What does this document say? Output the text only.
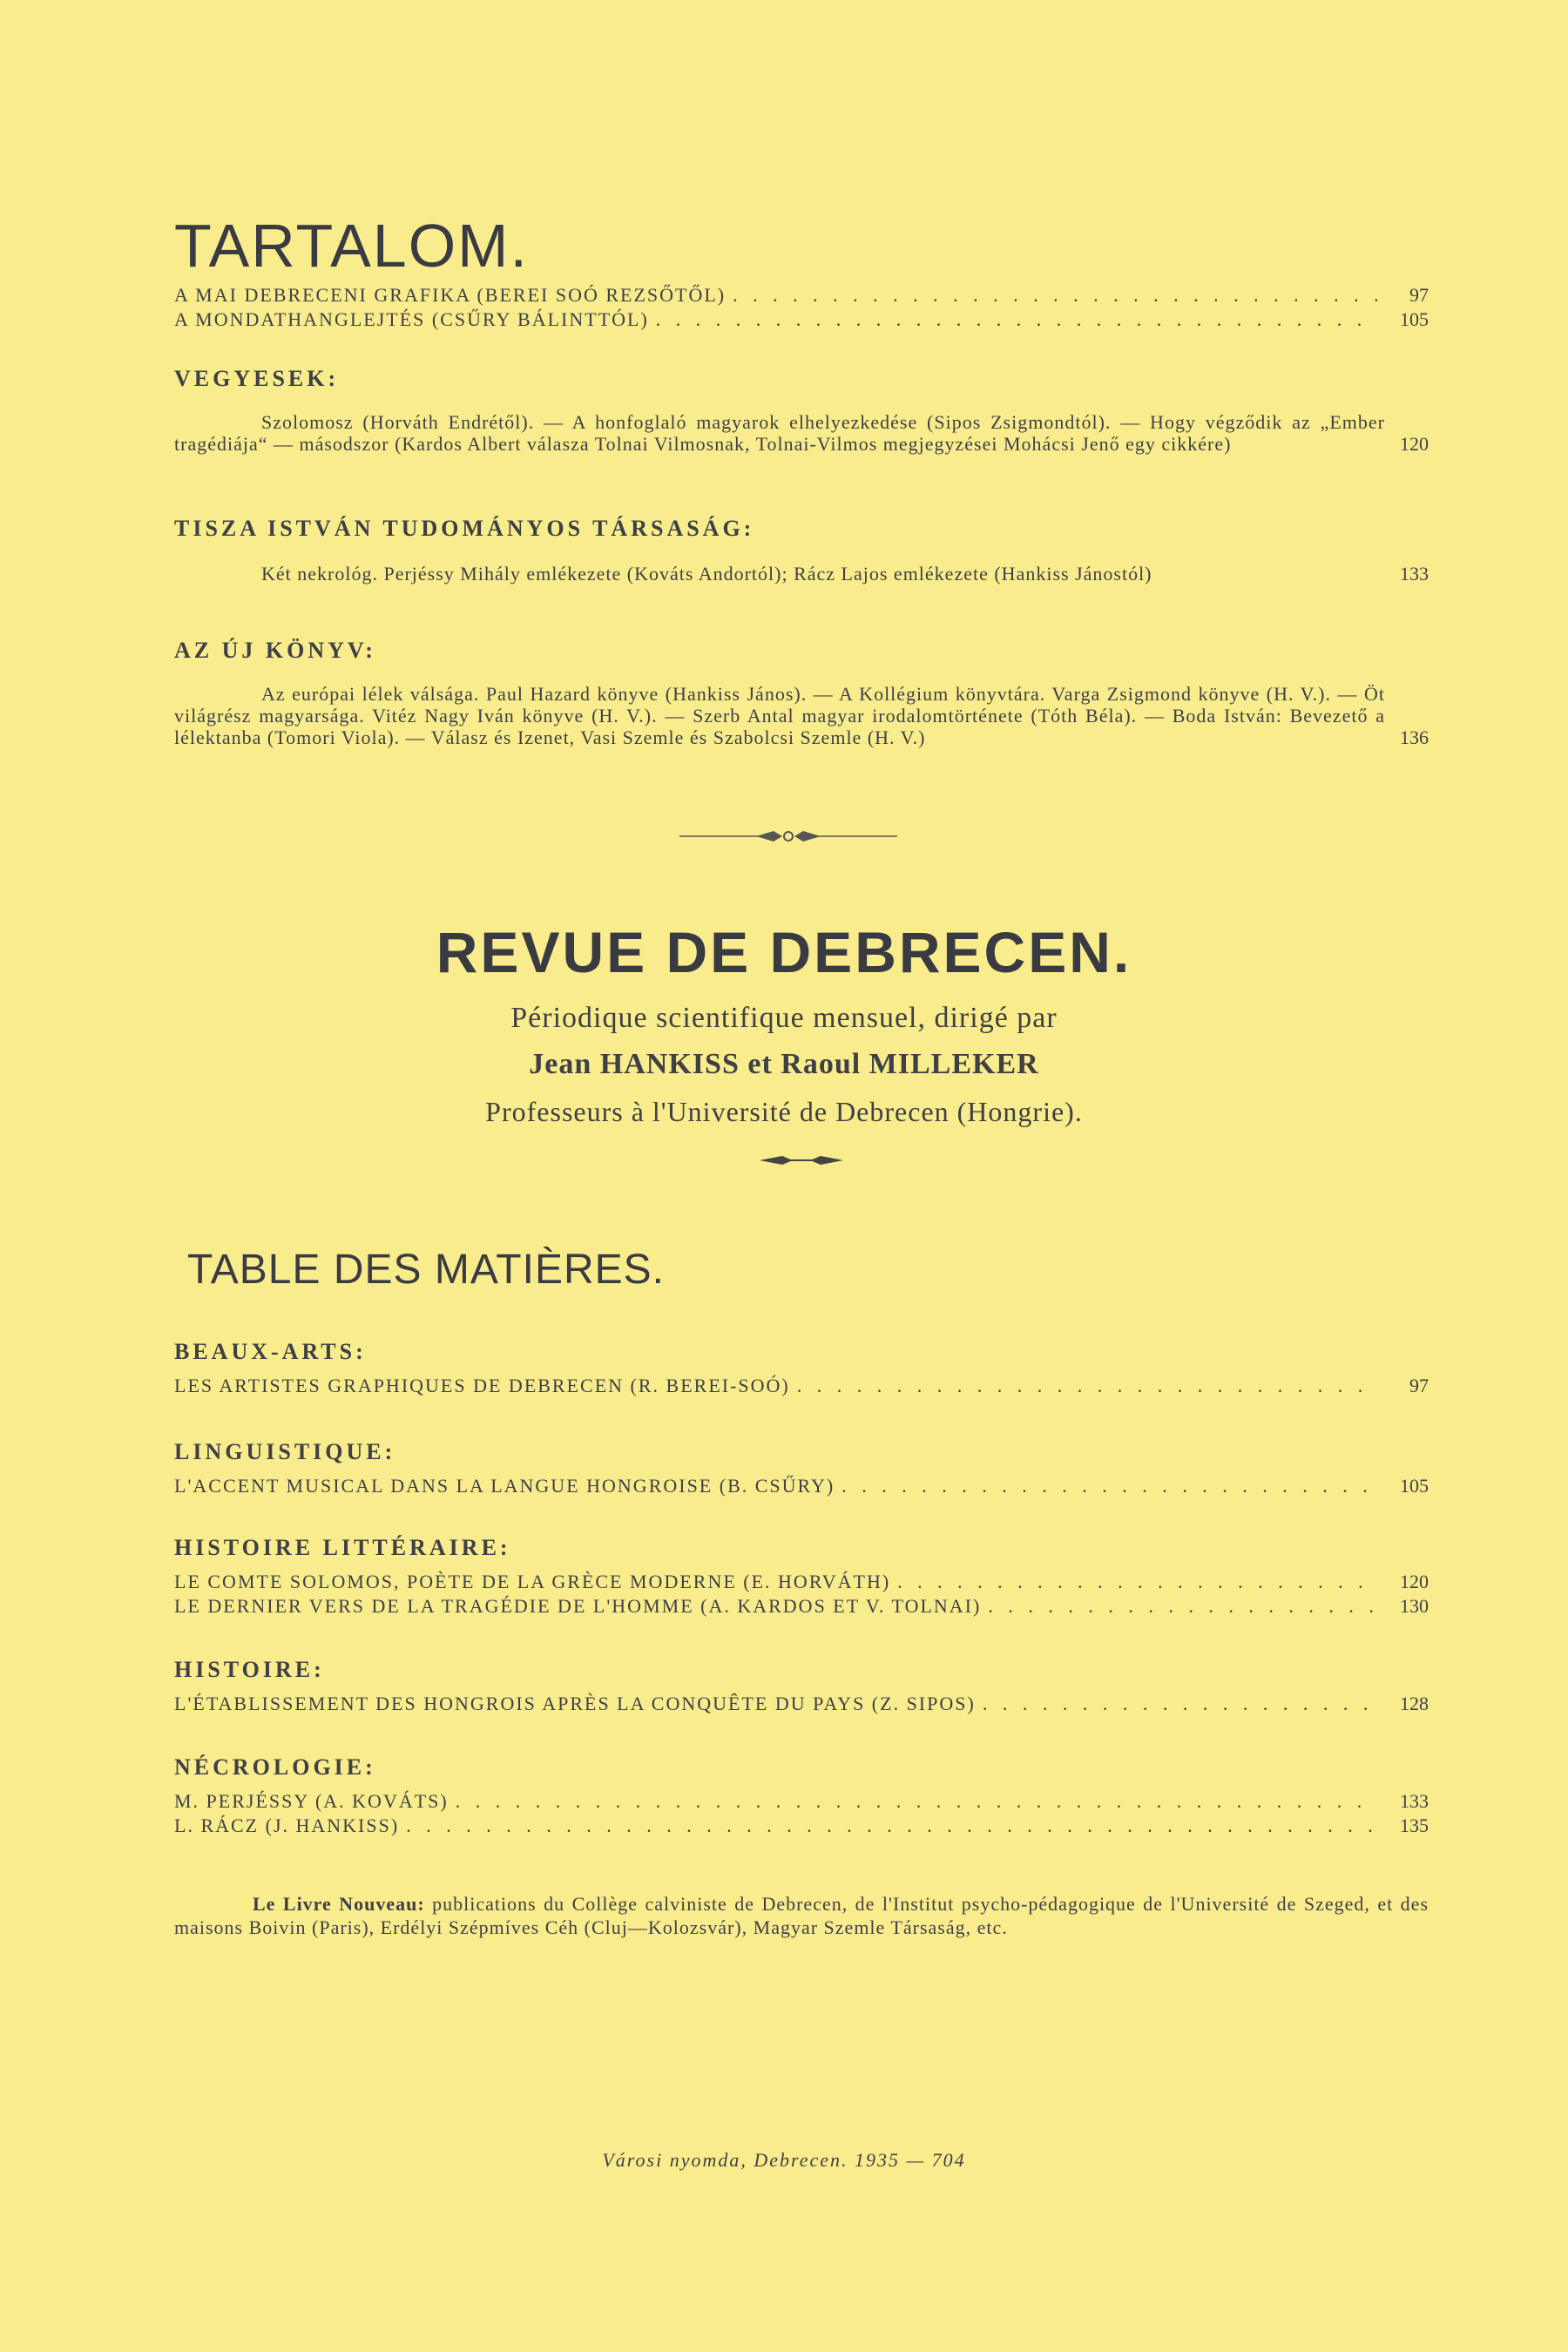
TARTALOM.
A MAI DEBRECENI GRAFIKA (BEREI SOÓ REZSŐTŐL) . . .	97
A MONDATHANGLEJTÉS (CSŰRY BÁLINTTÓL) . . .	105

VEGYESEK:

Szolomosz (Horváth Endrétől). — A honfoglaló magyarok elhelyezkedése (Sipos Zsigmondtól). — Hogy végződik az „Ember tragédiája“ — másodszor (Kardos Albert válasza Tolnai Vilmosnak, Tolnai-Vilmos megjegyzései Mohácsi Jenő egy cikkére)	120

TISZA ISTVÁN TUDOMÁNYOS TÁRSASÁG:

Két nekrológ. Perjéssy Mihály emlékezete (Kováts Andortól); Rácz Lajos emlékezete (Hankiss Jánostól)	133

AZ ÚJ KÖNYV:

Az európai lélek válsága. Paul Hazard könyve (Hankiss János). — A Kollégium könyvtára. Varga Zsigmond könyve (H. V.). — Öt világrész magyarsága. Vitéz Nagy Iván könyve (H. V.). — Szerb Antal magyar irodalomtörténete (Tóth Béla). — Boda István: Bevezető a lélektanba (Tomori Viola). — Válasz és Izenet, Vasi Szemle és Szabolcsi Szemle (H. V.)	136
REVUE DE DEBRECEN.

Périodique scientifique mensuel, dirigé par

Jean HANKISS et Raoul MILLEKER

Professeurs à l'Université de Debrecen (Hongrie).

TABLE DES MATIÈRES.

BEAUX-ARTS:

LES ARTISTES GRAPHIQUES DE DEBRECEN (R. BEREI-SOÓ) . . .	97

LINGUISTIQUE:

L'ACCENT MUSICAL DANS LA LANGUE HONGROISE (B. CSŰRY) . . .	105

HISTOIRE LITTÉRAIRE:

LE COMTE SOLOMOS, POÈTE DE LA GRÈCE MODERNE (E. HORVÁTH) . . .	120
LE DERNIER VERS DE LA TRAGÉDIE DE L'HOMME (A. KARDOS ET V. TOLNAI) . . .	130

HISTOIRE:

L'ÉTABLISSEMENT DES HONGROIS APRÈS LA CONQUÊTE DU PAYS (Z. SIPOS) . . .	128

NÉCROLOGIE:

M. PERJÉSSY (A. KOVÁTS) . . .	133
L. RÁCZ (J. HANKISS) . . .	135

Le Livre Nouveau: publications du Collège calviniste de Debrecen, de l'Institut psycho-pédagogique de l'Université de Szeged, et des maisons Boivin (Paris), Erdélyi Szépmíves Céh (Cluj—Kolozsvár), Magyar Szemle Társaság, etc.

Városi nyomda, Debrecen. 1935 — 704
